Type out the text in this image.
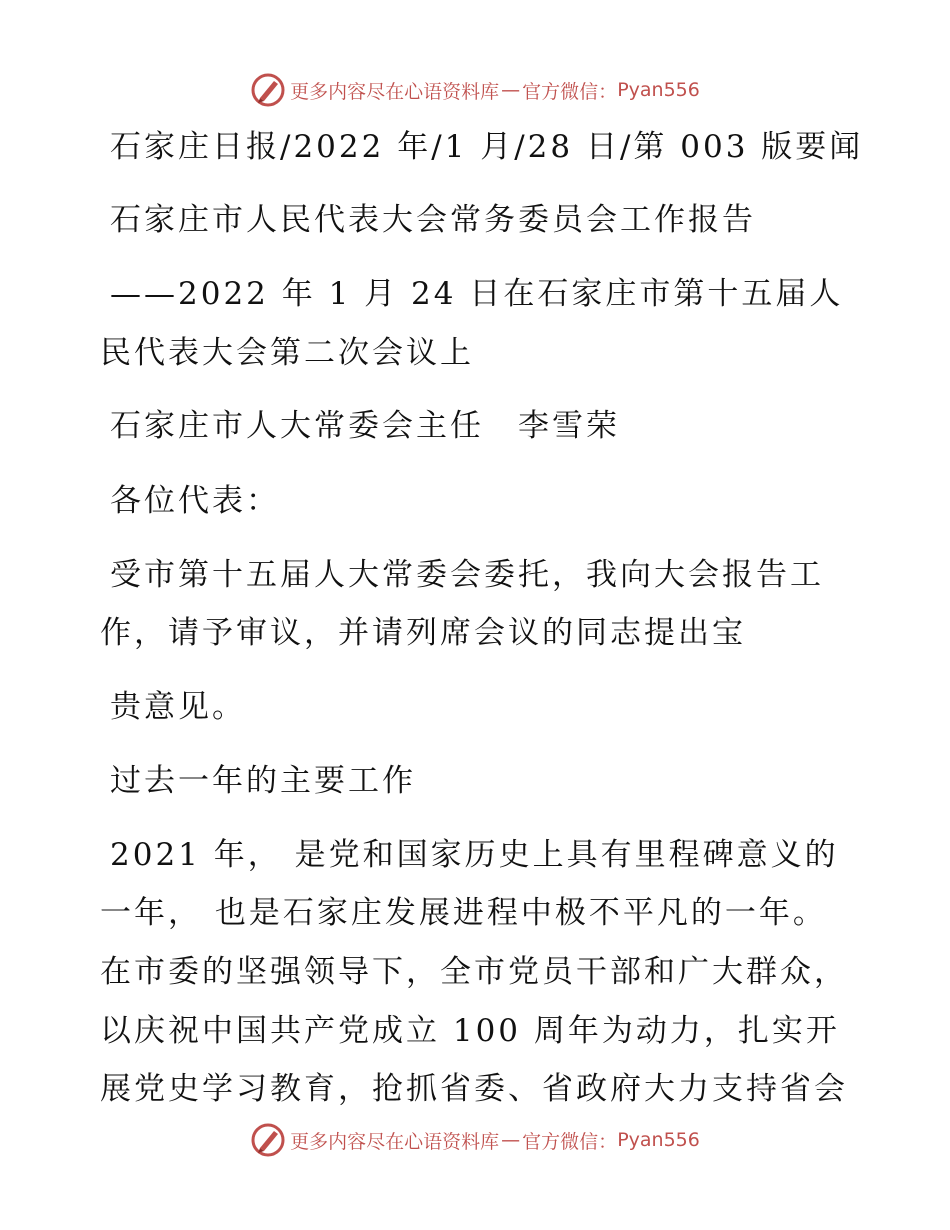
更多内容尽在心语资料库 — 官方微信： Pyan556
石家庄日报/2022 年/1 月/28 日/第 003 版要闻
石家庄市人民代表大会常务委员会工作报告
——2022 年 1 月 24 日在石家庄市第十五届人
民代表大会第二次会议上
石家庄市人大常委会主任　李雪荣
各位代表：
受市第十五届人大常委会委托，我向大会报告工
作，请予审议，并请列席会议的同志提出宝
贵意见。
过去一年的主要工作
2021 年， 是党和国家历史上具有里程碑意义的
一年， 也是石家庄发展进程中极不平凡的一年。
在市委的坚强领导下，全市党员干部和广大群众，
以庆祝中国共产党成立 100 周年为动力，扎实开
展党史学习教育，抢抓省委、省政府大力支持省会
更多内容尽在心语资料库 — 官方微信： Pyan556
